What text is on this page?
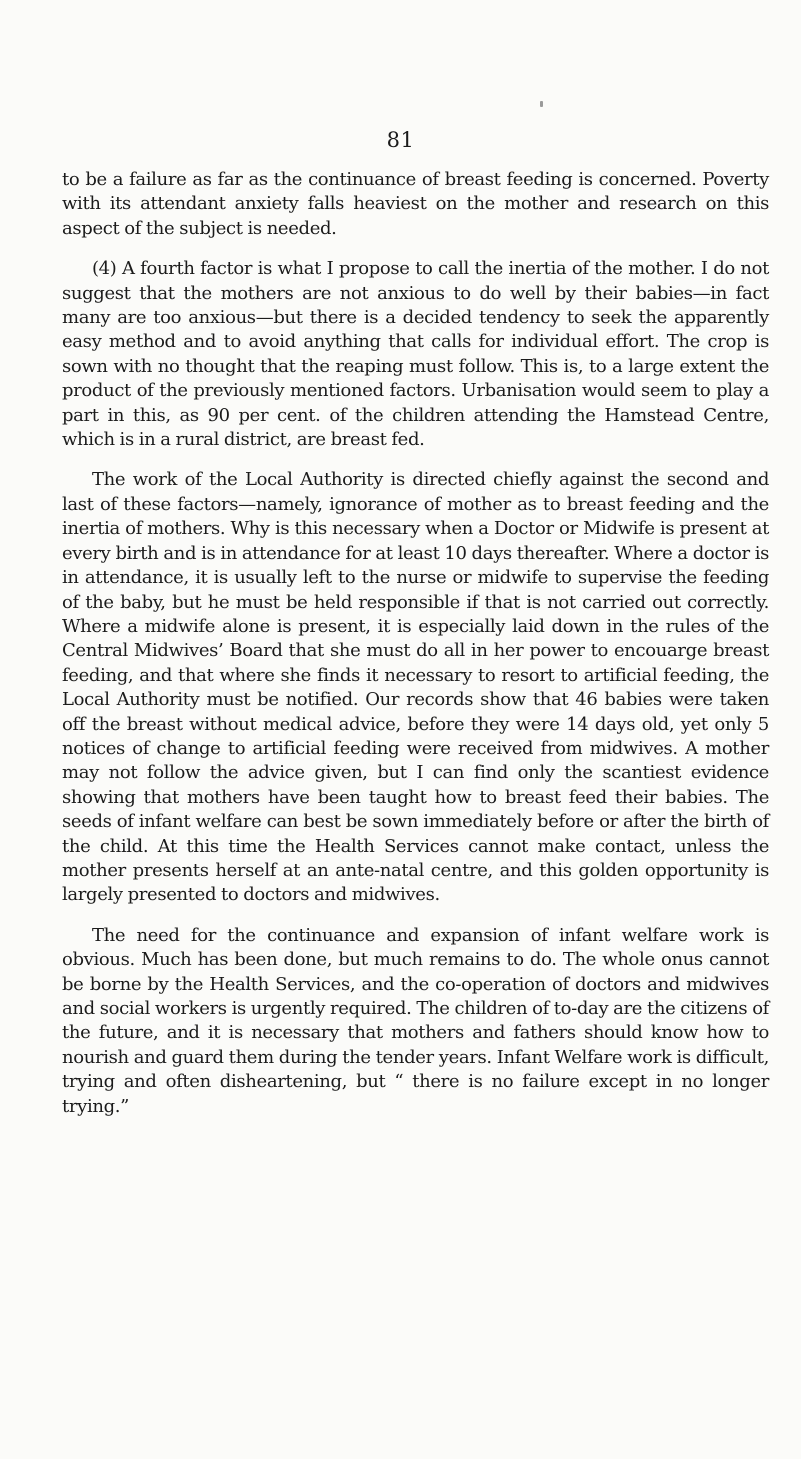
81

to be a failure as far as the continuance of breast feeding is concerned. Poverty with its attendant anxiety falls heaviest on the mother and research on this aspect of the subject is needed.

(4) A fourth factor is what I propose to call the inertia of the mother. I do not suggest that the mothers are not anxious to do well by their babies—in fact many are too anxious—but there is a decided tendency to seek the apparently easy method and to avoid anything that calls for individual effort. The crop is sown with no thought that the reaping must follow. This is, to a large extent the product of the previously mentioned factors. Urbanisation would seem to play a part in this, as 90 per cent. of the children attending the Hamstead Centre, which is in a rural district, are breast fed.

The work of the Local Authority is directed chiefly against the second and last of these factors—namely, ignorance of mother as to breast feeding and the inertia of mothers. Why is this necessary when a Doctor or Midwife is present at every birth and is in attendance for at least 10 days thereafter. Where a doctor is in attendance, it is usually left to the nurse or midwife to supervise the feeding of the baby, but he must be held responsible if that is not carried out correctly. Where a midwife alone is present, it is especially laid down in the rules of the Central Midwives’ Board that she must do all in her power to encouarge breast feeding, and that where she finds it necessary to resort to artificial feeding, the Local Authority must be notified. Our records show that 46 babies were taken off the breast without medical advice, before they were 14 days old, yet only 5 notices of change to artificial feeding were received from midwives. A mother may not follow the advice given, but I can find only the scantiest evidence showing that mothers have been taught how to breast feed their babies. The seeds of infant welfare can best be sown immediately before or after the birth of the child. At this time the Health Services cannot make contact, unless the mother presents herself at an ante-natal centre, and this golden opportunity is largely presented to doctors and midwives.

The need for the continuance and expansion of infant welfare work is obvious. Much has been done, but much remains to do. The whole onus cannot be borne by the Health Services, and the co-operation of doctors and midwives and social workers is urgently required. The children of to-day are the citizens of the future, and it is necessary that mothers and fathers should know how to nourish and guard them during the tender years. Infant Welfare work is difficult, trying and often disheartening, but “ there is no failure except in no longer trying.”
